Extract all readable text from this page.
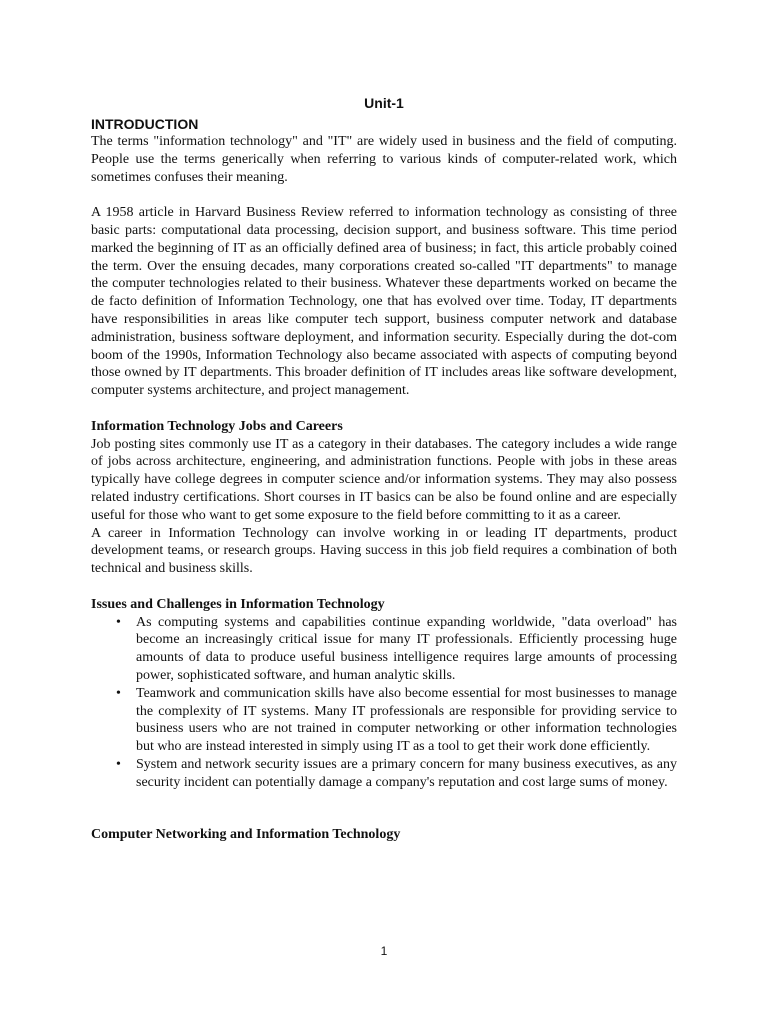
Unit-1
INTRODUCTION

The terms "information technology" and "IT" are widely used in business and the field of computing. People use the terms generically when referring to various kinds of computer-related work, which sometimes confuses their meaning.

A 1958 article in Harvard Business Review referred to information technology as consisting of three basic parts: computational data processing, decision support, and business software. This time period marked the beginning of IT as an officially defined area of business; in fact, this article probably coined the term. Over the ensuing decades, many corporations created so-called "IT departments" to manage the computer technologies related to their business. Whatever these departments worked on became the de facto definition of Information Technology, one that has evolved over time. Today, IT departments have responsibilities in areas like computer tech support, business computer network and database administration, business software deployment, and information security. Especially during the dot-com boom of the 1990s, Information Technology also became associated with aspects of computing beyond those owned by IT departments. This broader definition of IT includes areas like software development, computer systems architecture, and project management.

Information Technology Jobs and Careers

Job posting sites commonly use IT as a category in their databases. The category includes a wide range of jobs across architecture, engineering, and administration functions. People with jobs in these areas typically have college degrees in computer science and/or information systems. They may also possess related industry certifications. Short courses in IT basics can be also be found online and are especially useful for those who want to get some exposure to the field before committing to it as a career.

A career in Information Technology can involve working in or leading IT departments, product development teams, or research groups. Having success in this job field requires a combination of both technical and business skills.

Issues and Challenges in Information Technology
•	As computing systems and capabilities continue expanding worldwide, "data overload" has become an increasingly critical issue for many IT professionals. Efficiently processing huge amounts of data to produce useful business intelligence requires large amounts of processing power, sophisticated software, and human analytic skills.
•	Teamwork and communication skills have also become essential for most businesses to manage the complexity of IT systems. Many IT professionals are responsible for providing service to business users who are not trained in computer networking or other information technologies but who are instead interested in simply using IT as a tool to get their work done efficiently.
•	System and network security issues are a primary concern for many business executives, as any security incident can potentially damage a company's reputation and cost large sums of money.
Computer Networking and Information Technology
1
